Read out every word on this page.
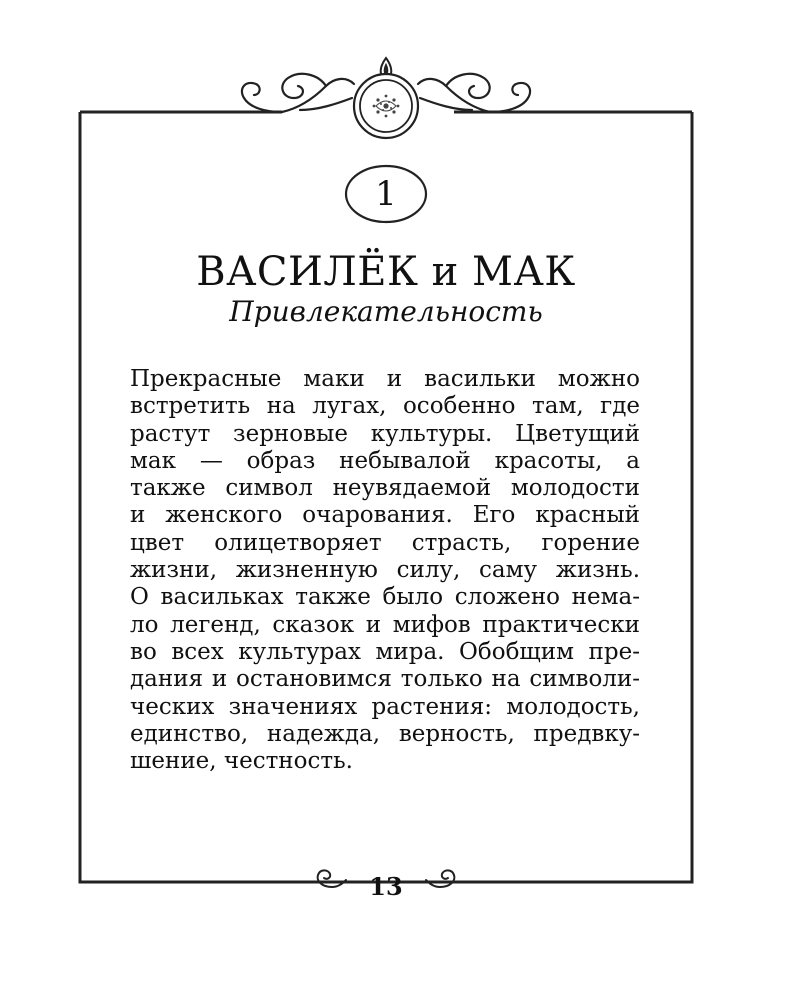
1
ВАСИЛЁК и МАК
Привлекательность
Прекрасные маки и васильки можно
встретить на лугах, особенно там, где
растут зерновые культуры. Цветущий
мак — образ небывалой красоты, а
также символ неувядаемой молодости
и женского очарования. Его красный
цвет олицетворяет страсть, горение
жизни, жизненную силу, саму жизнь.
О васильках также было сложено нема-
ло легенд, сказок и мифов практически
во всех культурах мира. Обобщим пре-
дания и остановимся только на символи-
ческих значениях растения: молодость,
единство, надежда, верность, предвку-
шение, честность.
13
